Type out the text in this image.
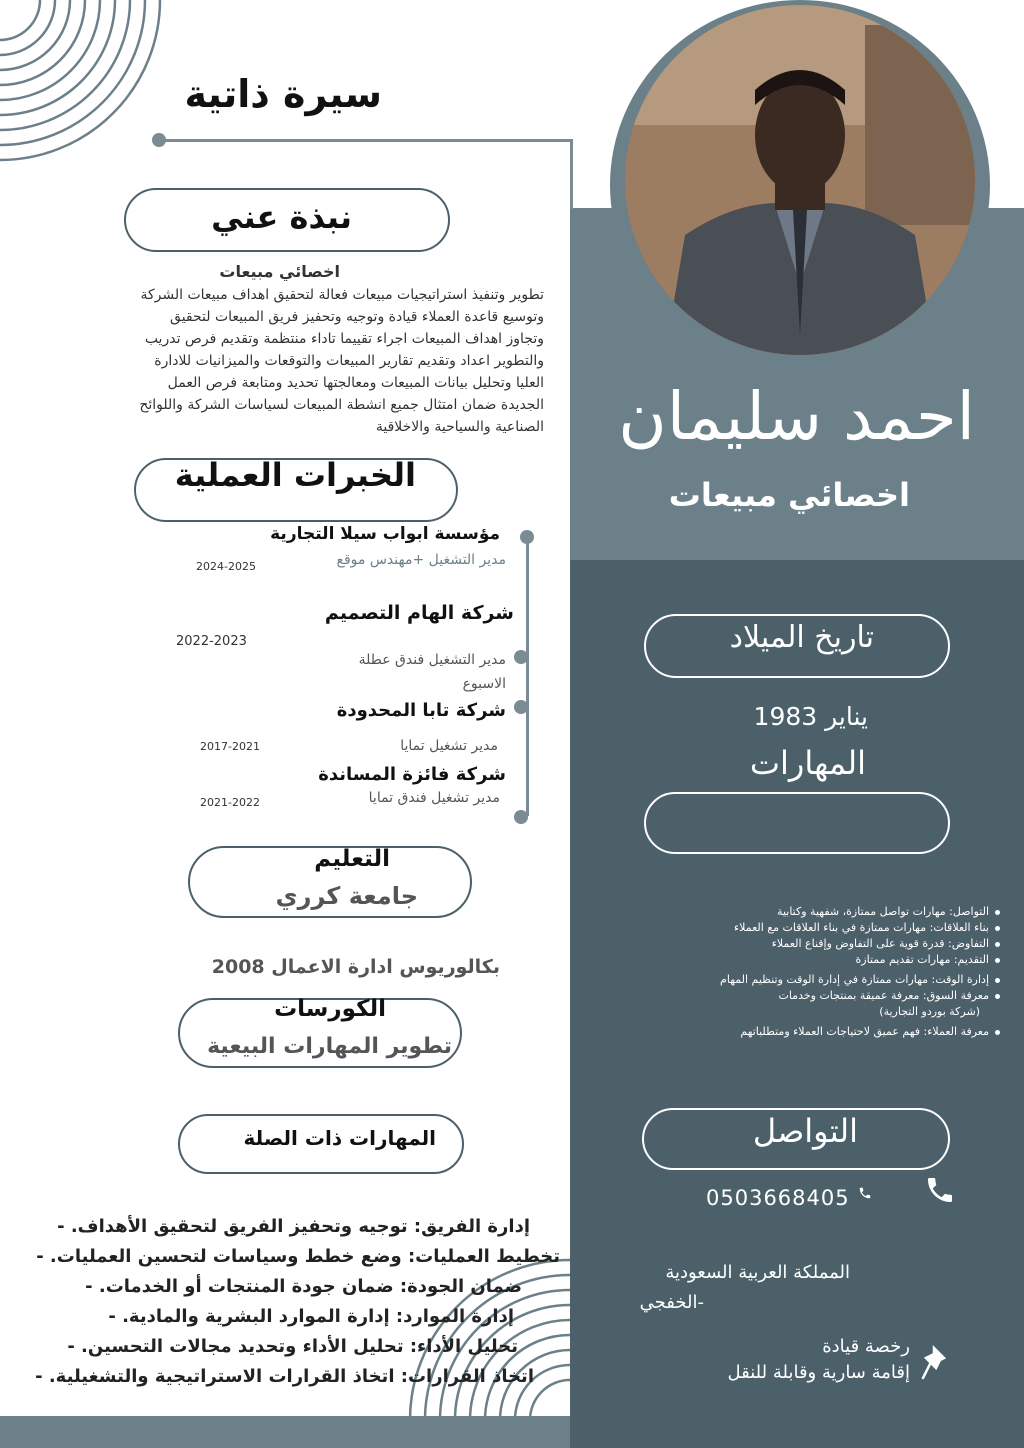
سيرة ذاتية
احمد سليمان
اخصائي مبيعات
نبذة عني
اخصائي مبيعات
تطوير وتنفيذ استراتيجيات مبيعات فعالة لتحقيق اهداف مبيعات الشركة
وتوسيع قاعدة العملاء قيادة وتوجيه وتحفيز فريق المبيعات لتحقيق
وتجاوز اهداف المبيعات اجراء تقييما تاداء منتظمة وتقديم فرص تدريب
والتطوير اعداد وتقديم تقارير المبيعات والتوقعات والميزانيات للادارة
العليا وتحليل بيانات المبيعات ومعالجتها تحديد ومتابعة فرص العمل
الجديدة ضمان امتثال جميع انشطة المبيعات لسياسات الشركة واللوائح
الصناعية والسياحية والاخلاقية
الخبرات العملية
مؤسسة ابواب سيلا التجارية
مدير التشغيل +مهندس موقع
2024-2025
شركة الهام التصميم
2022-2023
مدير التشغيل فندق عطلة
الاسبوع
شركة تابا المحدودة
2017-2021	مدير تشغيل تمايا
شركة فائزة المساندة
مدير تشغيل فندق تمايا
2021-2022
التعليم
جامعة كرري
بكالوريوس ادارة الاعمال 2008
الكورسات
تطوير المهارات البيعية
المهارات ذات الصلة
إدارة الفريق: توجيه وتحفيز الفريق لتحقيق الأهداف. -
تخطيط العمليات: وضع خطط وسياسات لتحسين العمليات. -
ضمان الجودة: ضمان جودة المنتجات أو الخدمات. -
إدارة الموارد: إدارة الموارد البشرية والمادية. -
تحليل الأداء: تحليل الأداء وتحديد مجالات التحسين. -
اتخاذ القرارات: اتخاذ القرارات الاستراتيجية والتشغيلية. -
تاريخ الميلاد
يناير 1983
المهارات
التواصل: مهارات تواصل ممتازة، شفهية وكتابية
بناء العلاقات: مهارات ممتازة في بناء العلاقات مع العملاء
التفاوض: قدرة قوية على التفاوض وإقناع العملاء
التقديم: مهارات تقديم ممتازة
إدارة الوقت: مهارات ممتازة في إدارة الوقت وتنظيم المهام
معرفة السوق: معرفة عميقة بمنتجات وخدمات
(شركة بوردو التجارية)
معرفة العملاء: فهم عميق لاحتياجات العملاء ومتطلباتهم
التواصل
0503668405
المملكة العربية السعودية
-الخفجي
رخصة قيادة
إقامة سارية وقابلة للنقل
